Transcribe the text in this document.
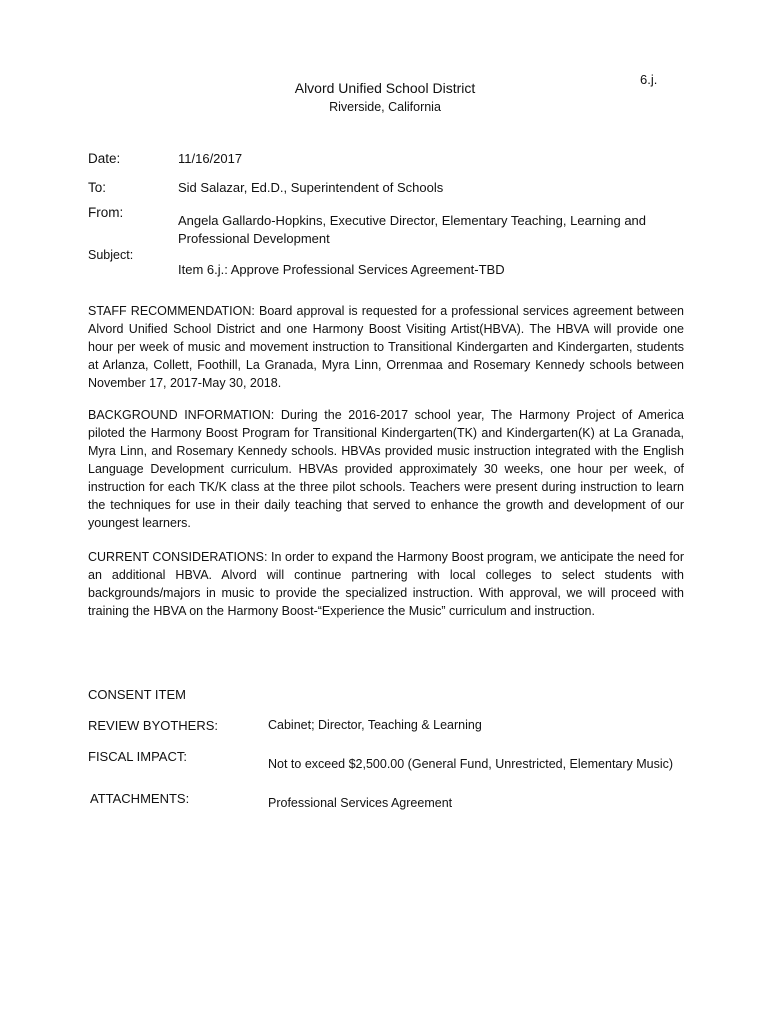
6.j.
Alvord Unified School District
Riverside, California
Date:	11/16/2017
To:	Sid Salazar, Ed.D., Superintendent of Schools
From:
Angela Gallardo-Hopkins, Executive Director, Elementary Teaching, Learning and
Professional Development
Subject:
Item 6.j.: Approve Professional Services Agreement-TBD

STAFF RECOMMENDATION: Board approval is requested for a professional services agreement between Alvord Unified School District and one Harmony Boost Visiting Artist(HBVA). The HBVA will provide one hour per week of music and movement instruction to Transitional Kindergarten and Kindergarten, students at Arlanza, Collett, Foothill, La Granada, Myra Linn, Orrenmaa and Rosemary Kennedy schools between November 17, 2017-May 30, 2018.

BACKGROUND INFORMATION: During the 2016-2017 school year, The Harmony Project of America piloted the Harmony Boost Program for Transitional Kindergarten(TK) and Kindergarten(K) at La Granada, Myra Linn, and Rosemary Kennedy schools. HBVAs provided music instruction integrated with the English Language Development curriculum. HBVAs provided approximately 30 weeks, one hour per week, of instruction for each TK/K class at the three pilot schools. Teachers were present during instruction to learn the techniques for use in their daily teaching that served to enhance the growth and development of our youngest learners.

CURRENT CONSIDERATIONS: In order to expand the Harmony Boost program, we anticipate the need for an additional HBVA. Alvord will continue partnering with local colleges to select students with backgrounds/majors in music to provide the specialized instruction. With approval, we will proceed with training the HBVA on the Harmony Boost-“Experience the Music” curriculum and instruction.

CONSENT ITEM
REVIEW BYOTHERS:	Cabinet; Director, Teaching & Learning
FISCAL IMPACT:	Not to exceed $2,500.00 (General Fund, Unrestricted, Elementary Music)
ATTACHMENTS:	Professional Services Agreement
